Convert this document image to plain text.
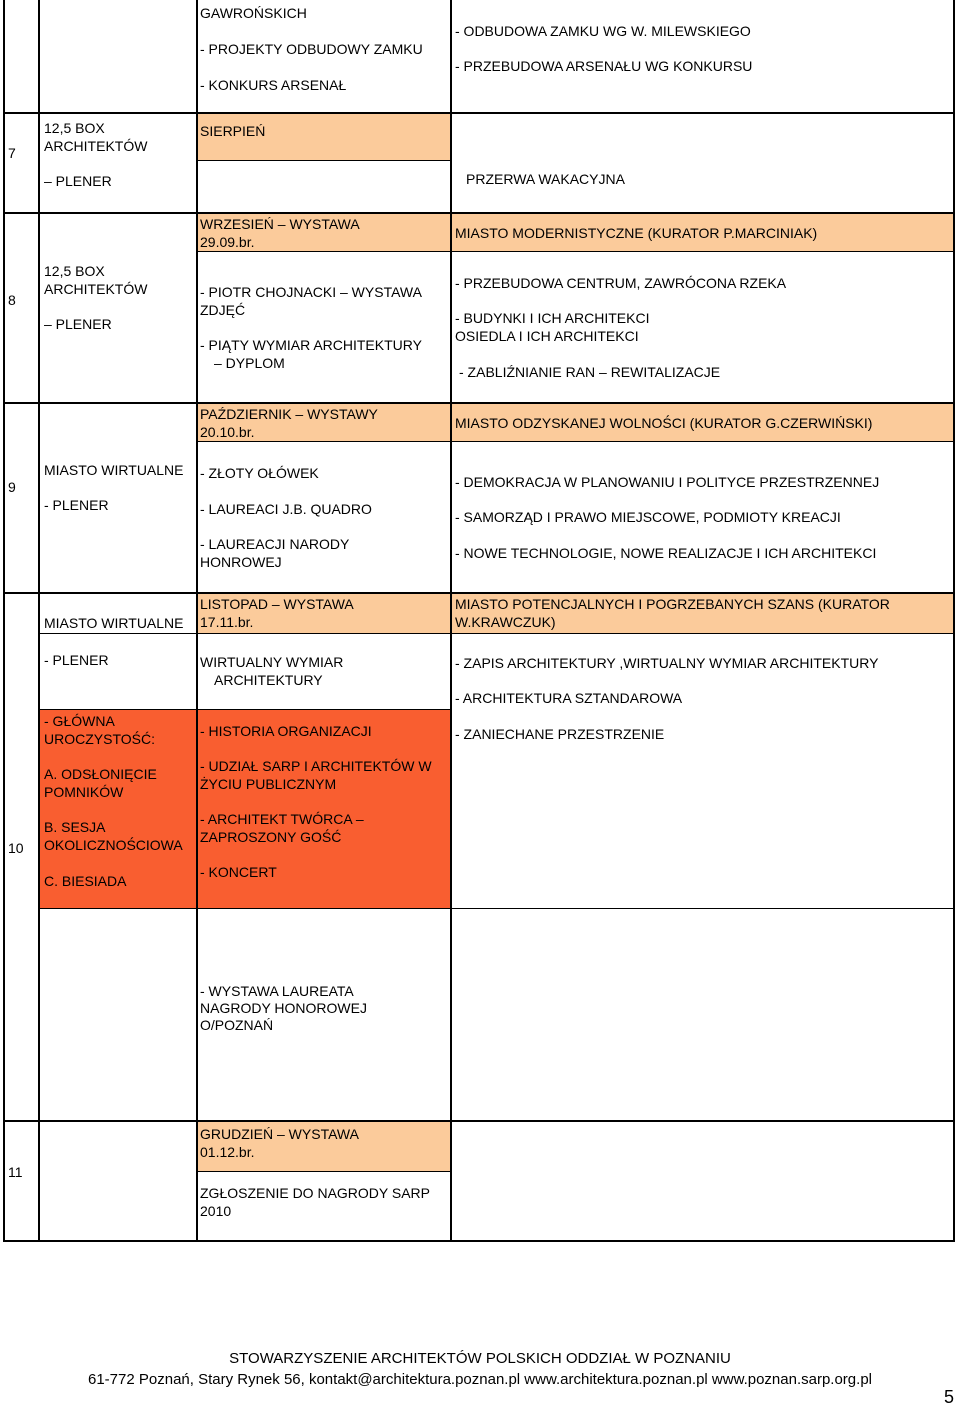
GAWROŃSKICH
- PROJEKTY ODBUDOWY ZAMKU
- KONKURS ARSENAŁ
- ODBUDOWA ZAMKU WG W. MILEWSKIEGO
- PRZEBUDOWA ARSENAŁU WG KONKURSU
7
12,5 BOX
ARCHITEKTÓW
– PLENER
SIERPIEŃ
PRZERWA WAKACYJNA
8
12,5 BOX
ARCHITEKTÓW
– PLENER
WRZESIEŃ – WYSTAWA
29.09.br.
- PIOTR CHOJNACKI – WYSTAWA
ZDJĘĆ
- PIĄTY WYMIAR ARCHITEKTURY
– DYPLOM
MIASTO MODERNISTYCZNE (KURATOR P.MARCINIAK)
- PRZEBUDOWA CENTRUM, ZAWRÓCONA RZEKA
- BUDYNKI I ICH ARCHITEKCI
OSIEDLA I ICH ARCHITEKCI
- ZABLIŹNIANIE RAN – REWITALIZACJE
9
MIASTO WIRTUALNE
- PLENER
PAŹDZIERNIK – WYSTAWY
20.10.br.
- ZŁOTY OŁÓWEK
- LAUREACI J.B. QUADRO
- LAUREACJI NARODY
HONROWEJ
MIASTO ODZYSKANEJ WOLNOŚCI (KURATOR G.CZERWIŃSKI)
- DEMOKRACJA W PLANOWANIU I POLITYCE PRZESTRZENNEJ
- SAMORZĄD I PRAWO MIEJSCOWE, PODMIOTY KREACJI
- NOWE TECHNOLOGIE, NOWE REALIZACJE I ICH ARCHITEKCI
10
MIASTO WIRTUALNE
- PLENER
- GŁÓWNA
UROCZYSTOŚĆ:
A. ODSŁONIĘCIE
POMNIKÓW
B. SESJA
OKOLICZNOŚCIOWA
C. BIESIADA
LISTOPAD – WYSTAWA
17.11.br.
WIRTUALNY WYMIAR
ARCHITEKTURY
- HISTORIA ORGANIZACJI
- UDZIAŁ SARP I ARCHITEKTÓW W
ŻYCIU PUBLICZNYM
- ARCHITEKT TWÓRCA –
ZAPROSZONY GOŚĆ
- KONCERT
- WYSTAWA LAUREATA
NAGRODY HONOROWEJ
O/POZNAŃ
MIASTO POTENCJALNYCH I POGRZEBANYCH SZANS (KURATOR
W.KRAWCZUK)
- ZAPIS ARCHITEKTURY ,WIRTUALNY WYMIAR ARCHITEKTURY
- ARCHITEKTURA SZTANDAROWA
- ZANIECHANE PRZESTRZENIE
11
GRUDZIEŃ – WYSTAWA
01.12.br.
ZGŁOSZENIE DO NAGRODY SARP
2010
STOWARZYSZENIE ARCHITEKTÓW POLSKICH ODDZIAŁ W POZNANIU
61-772 Poznań, Stary Rynek 56, kontakt@architektura.poznan.pl www.architektura.poznan.pl www.poznan.sarp.org.pl
5
